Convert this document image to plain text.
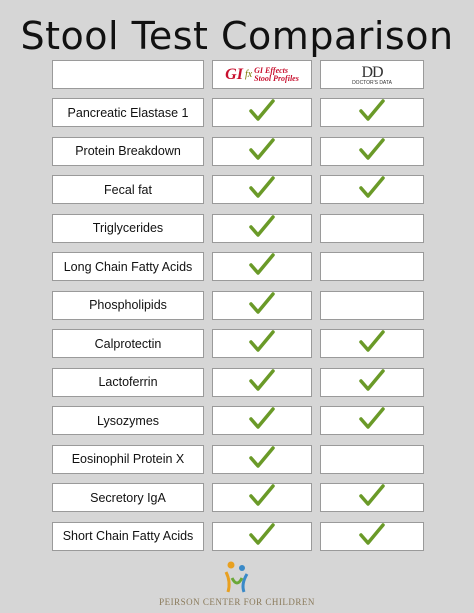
Stool Test Comparison
GI fx GI Effects
Stool Profiles	DD
DOCTOR'S DATA
Pancreatic Elastase 1
Protein Breakdown
Fecal fat
Triglycerides
Long Chain Fatty Acids
Phospholipids
Calprotectin
Lactoferrin
Lysozymes
Eosinophil Protein X
Secretory IgA
Short Chain Fatty Acids
PEIRSON CENTER FOR CHILDREN
